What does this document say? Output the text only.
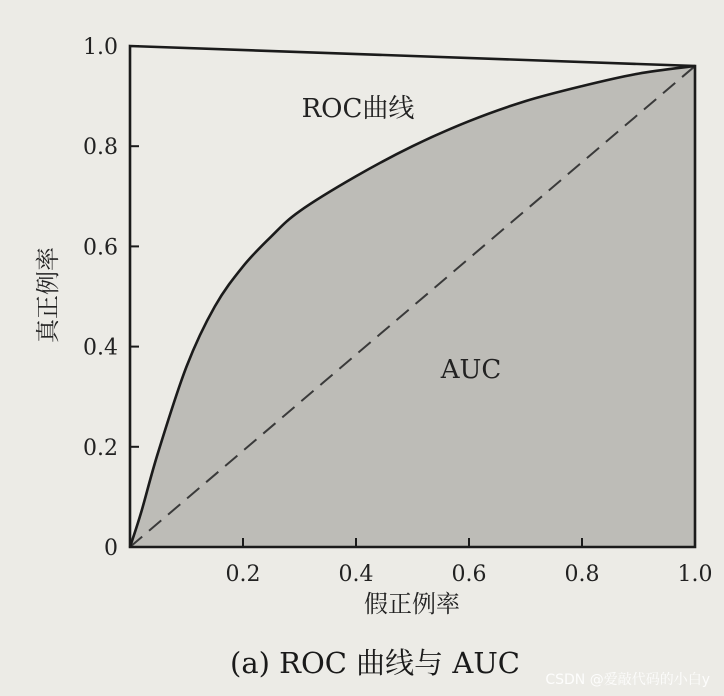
0
0.2
0.4
0.6
0.8
1.0
0.2	0.4	0.6	0.8	1.0
假正例率
真正例率
ROC曲线
AUC
(a) ROC 曲线与 AUC CSDN @爱敲代码的小白y
